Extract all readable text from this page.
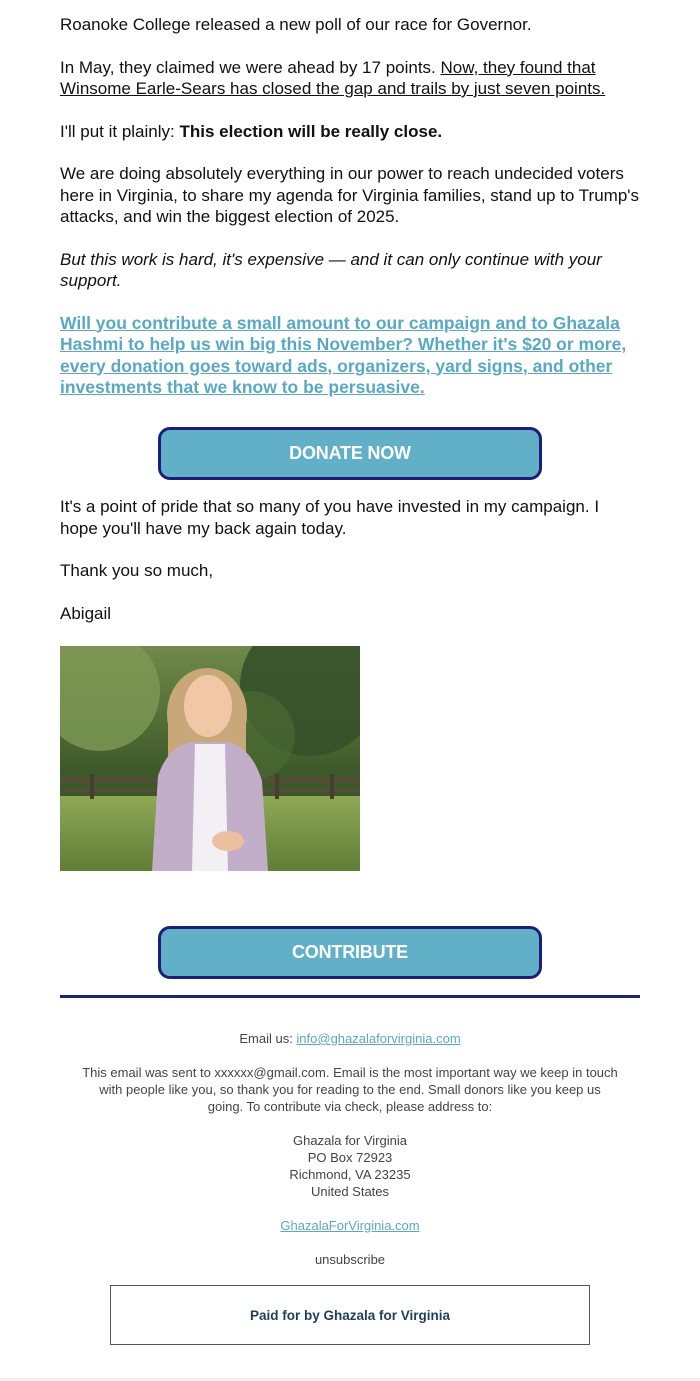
Roanoke College released a new poll of our race for Governor.

In May, they claimed we were ahead by 17 points. Now, they found that Winsome Earle-Sears has closed the gap and trails by just seven points.

I'll put it plainly: This election will be really close.

We are doing absolutely everything in our power to reach undecided voters here in Virginia, to share my agenda for Virginia families, stand up to Trump's attacks, and win the biggest election of 2025.

But this work is hard, it's expensive — and it can only continue with your support.

Will you contribute a small amount to our campaign and to Ghazala Hashmi to help us win big this November? Whether it's $20 or more, every donation goes toward ads, organizers, yard signs, and other investments that we know to be persuasive.

DONATE NOW

It's a point of pride that so many of you have invested in my campaign. I hope you'll have my back again today.

Thank you so much,

Abigail

CONTRIBUTE

Email us: info@ghazalaforvirginia.com

This email was sent to xxxxxx@gmail.com. Email is the most important way we keep in touch with people like you, so thank you for reading to the end. Small donors like you keep us going. To contribute via check, please address to:

Ghazala for Virginia
PO Box 72923
Richmond, VA 23235
United States

GhazalaForVirginia.com

unsubscribe

Paid for by Ghazala for Virginia
